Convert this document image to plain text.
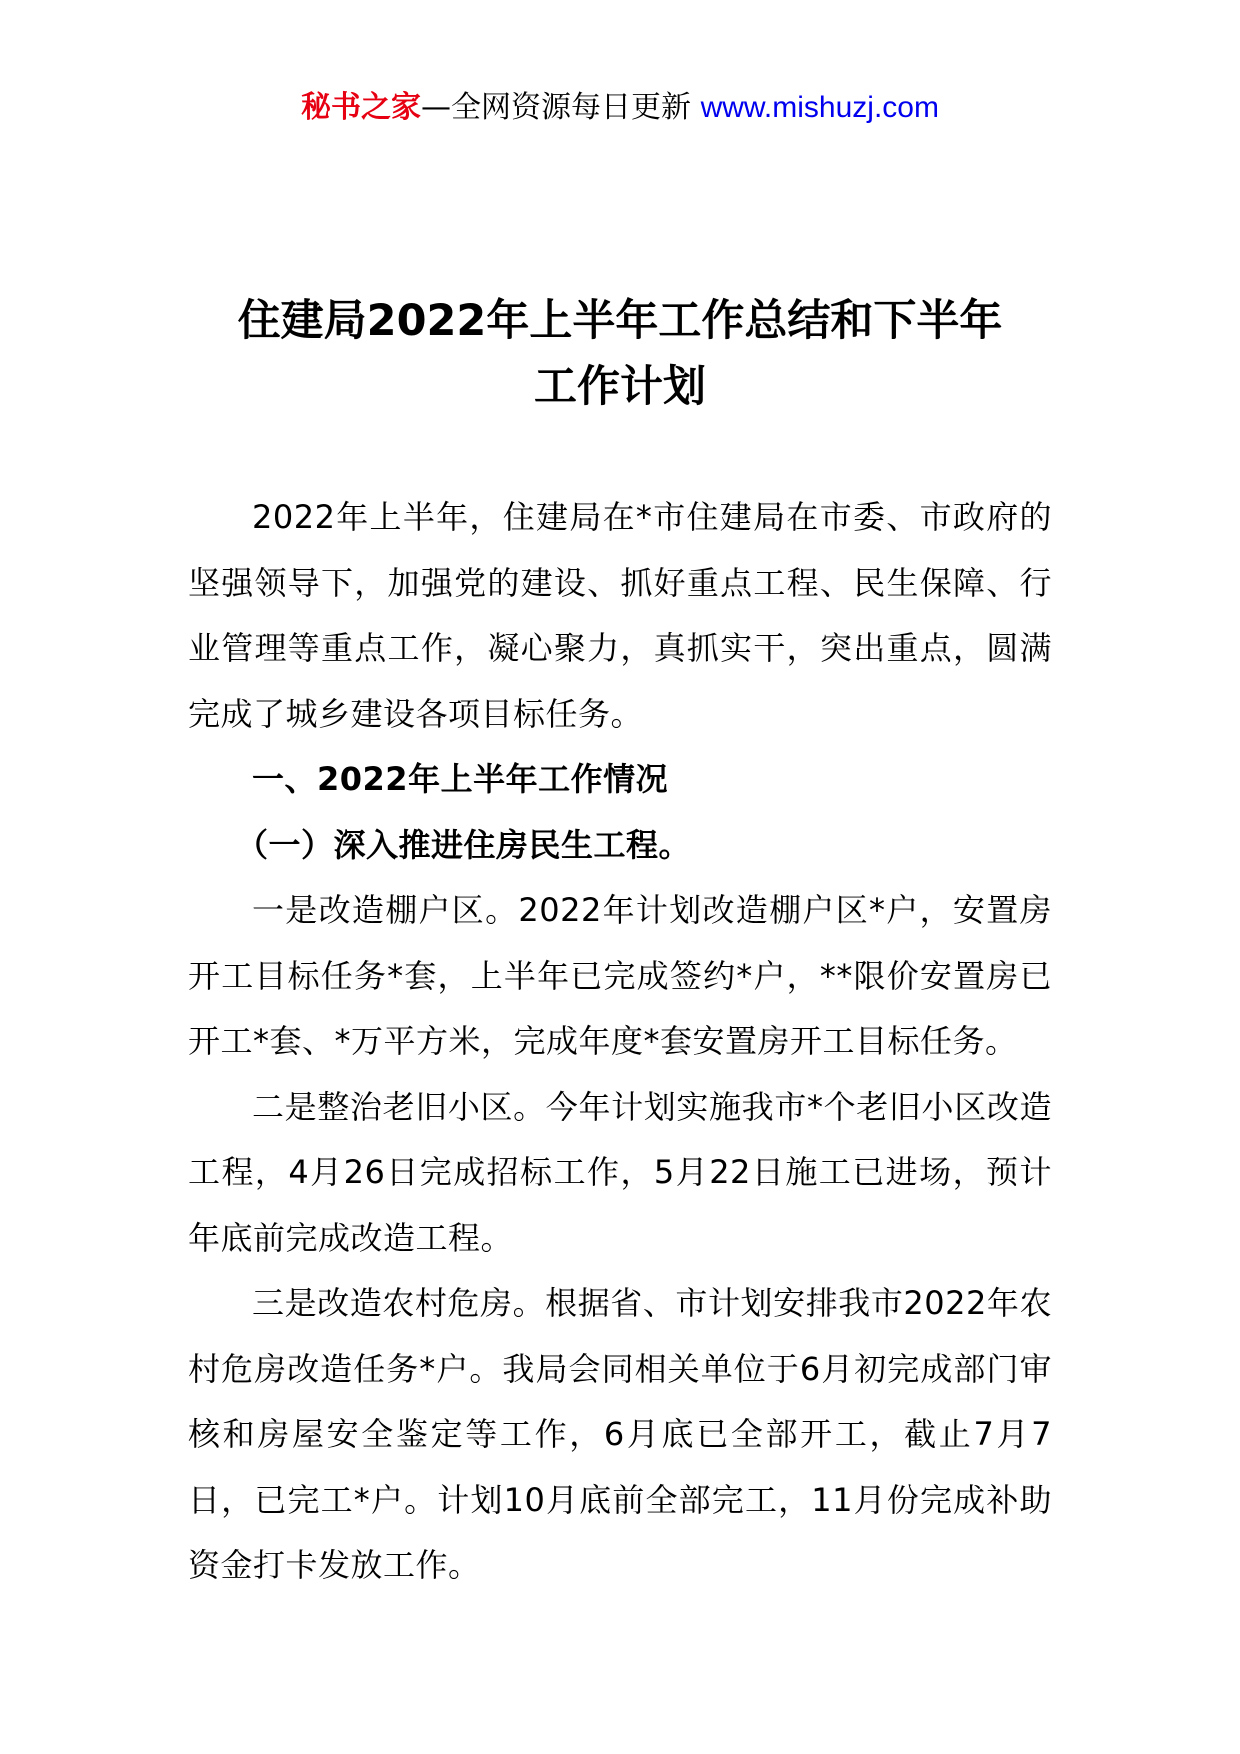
秘书之家—全网资源每日更新 www.mishuzj.com
住建局2022年上半年工作总结和下半年
工作计划

2022年上半年，住建局在*市住建局在市委、市政府的坚强领导下，加强党的建设、抓好重点工程、民生保障、行业管理等重点工作，凝心聚力，真抓实干，突出重点，圆满完成了城乡建设各项目标任务。

一、2022年上半年工作情况

（一）深入推进住房民生工程。

一是改造棚户区。2022年计划改造棚户区*户，安置房开工目标任务*套，上半年已完成签约*户，**限价安置房已开工*套、*万平方米，完成年度*套安置房开工目标任务。

二是整治老旧小区。今年计划实施我市*个老旧小区改造工程，4月26日完成招标工作，5月22日施工已进场，预计年底前完成改造工程。

三是改造农村危房。根据省、市计划安排我市2022年农村危房改造任务*户。我局会同相关单位于6月初完成部门审核和房屋安全鉴定等工作，6月底已全部开工，截止7月7日，已完工*户。计划10月底前全部完工，11月份完成补助资金打卡发放工作。
